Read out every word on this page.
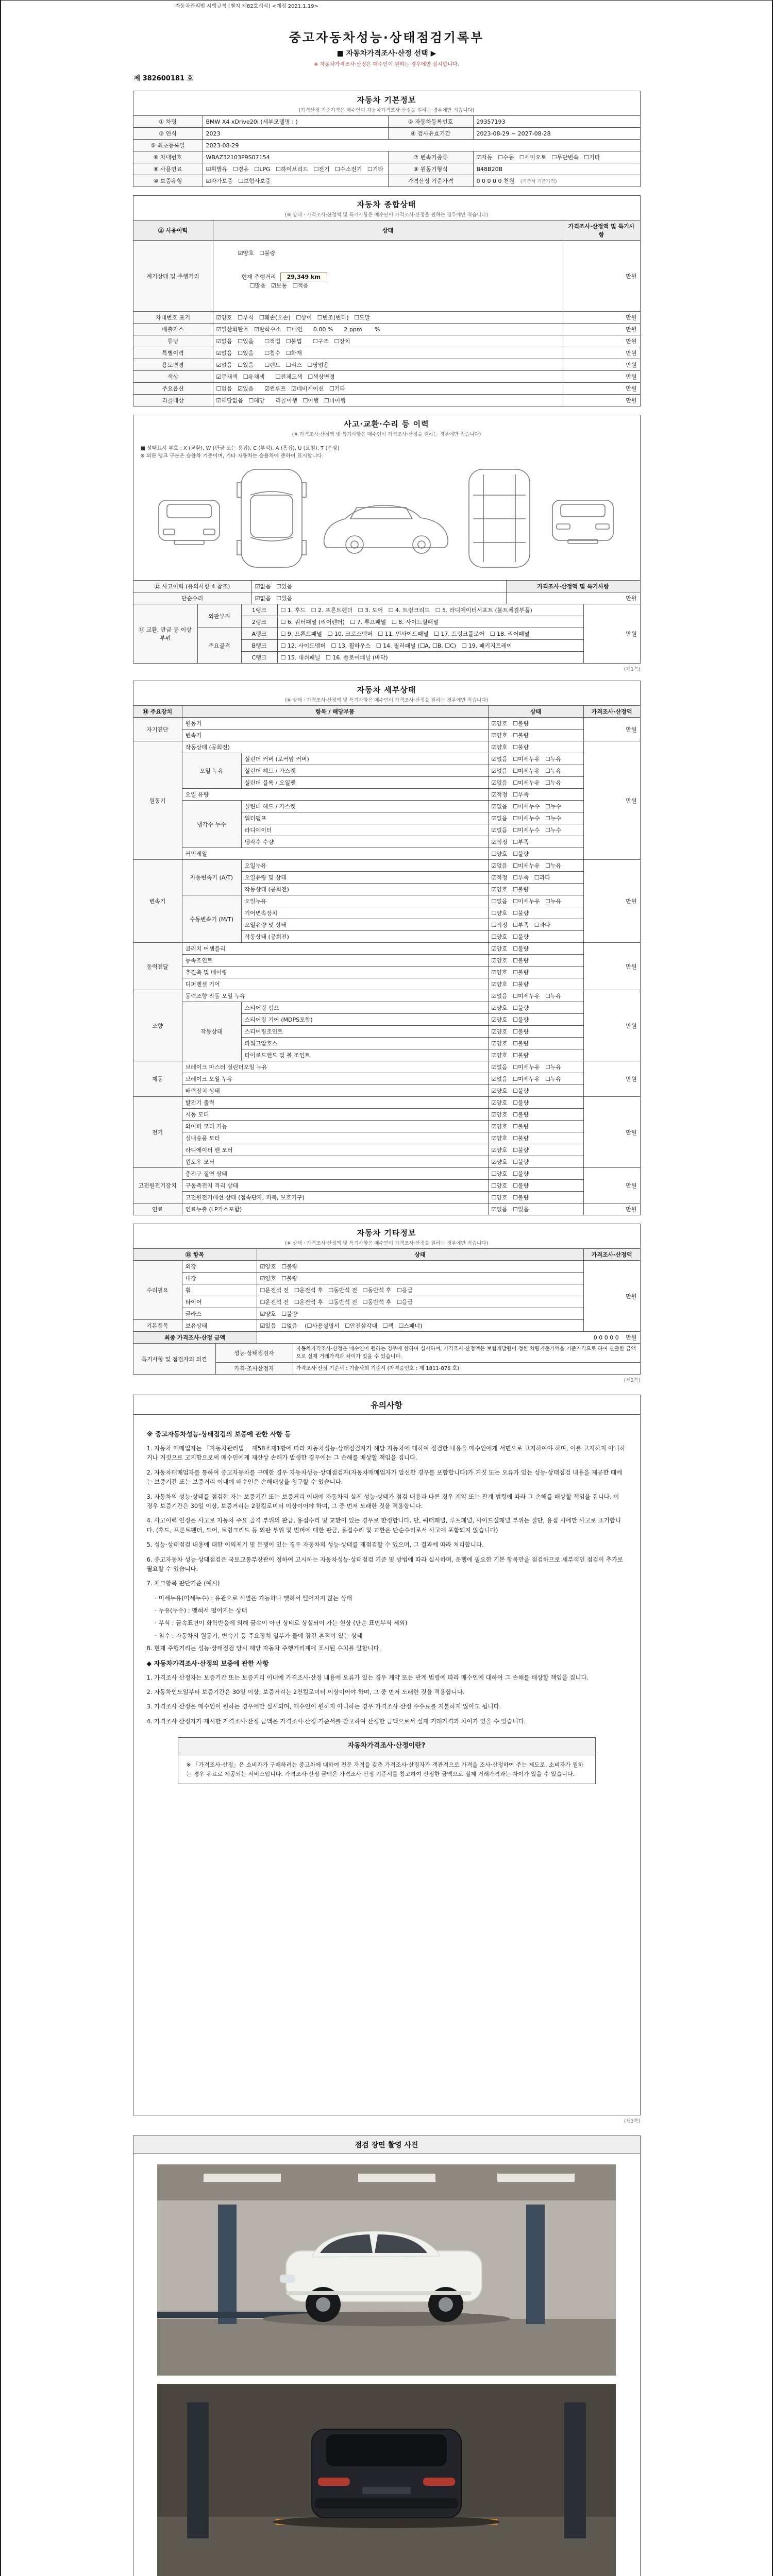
자동차관리법 시행규칙 [별지 제82호서식] <개정 2021.1.19>
중고자동차성능·상태점검기록부
■ 자동차가격조사·산정 선택 ▶
※ 자동차가격조사·산정은 매수인이 원하는 경우에만 실시합니다.
제 382600181 호
자동차 기본정보
(가격산정 기준가격은 매수인이 자동차가격조사·산정을 원하는 경우에만 적습니다)
① 차명	BMW X4 xDrive20i (세부모델명 : )	② 자동차등록번호	29357193
③ 연식	2023	④ 검사유효기간	2023-08-29 ~ 2027-08-28
⑤ 최초등록일	2023-08-29		
⑥ 차대번호	WBAZ32103P9S07154	⑦ 변속기종류	☑자동   ☐수동   ☐세미오토   ☐무단변속   ☐기타
⑧ 사용연료	☑휘발유   ☐경유   ☐LPG   ☐하이브리드   ☐전기   ☐수소전기   ☐기타	⑨ 원동기형식	B48B20B
⑩ 보증유형	☑자가보증   ☐보험사보증	가격산정 기준가격	0 0 0 0 0 천원 (기준서 기준가격)
자동차 종합상태
(※ 상태 · 가격조사·산정액 및 특기사항은 매수인이 가격조사·산정을 원하는 경우에만 적습니다)
⑪ 사용이력	상태	가격조사·산정액 및 특기사항
계기상태 및 주행거리	☑양호   ☐불량

현재 주행거리 29,349 km
☐많음   ☑보통   ☐적음	만원
차대번호 표기	☑양호   ☐부식   ☐훼손(오손)   ☐상이   ☐변조(변타)   ☐도말	만원
배출가스	☑일산화탄소   ☑탄화수소   ☐매연      0.00 %      2 ppm       %	만원
튜닝	☑없음   ☐있음      ☐적법   ☐불법      ☐구조   ☐장치	만원
특별이력	☑없음   ☐있음      ☐침수   ☐화재	만원
용도변경	☑없음   ☐있음      ☐렌트   ☐리스   ☐영업용	만원
색상	☑무채색   ☐유채색      ☐전체도색   ☐색상변경	만원
주요옵션	☐없음   ☑있음      ☑썬루프   ☑네비게이션   ☐기타	만원
리콜대상	☑해당없음   ☐해당      리콜이행   ☐이행   ☐미이행	만원
사고·교환·수리 등 이력
(※ 가격조사·산정액 및 특기사항은 매수인이 가격조사·산정을 원하는 경우에만 적습니다)
■ 상태표시 부호 : X (교환), W (판금 또는 용접), C (부식), A (흠집), U (요철), T (손상)
※ 외판 랭크 구분은 승용차 기준이며, 기타 자동차는 승용차에 준하여 표시합니다.
⑫ 사고이력 (유의사항 4 참조)	☑없음   ☐있음	가격조사·산정액 및 특기사항
단순수리	☑없음   ☐있음	만원
⑬ 교환, 판금 등 이상 부위	외판부위	1랭크	☐ 1. 후드   ☐ 2. 프론트펜더   ☐ 3. 도어   ☐ 4. 트렁크리드   ☐ 5. 라디에이터서포트 (볼트체결부품)	만원
		2랭크	☐ 6. 쿼터패널 (리어펜더)   ☐ 7. 루프패널   ☐ 8. 사이드실패널	
	주요골격	A랭크	☐ 9. 프론트패널   ☐ 10. 크로스멤버   ☐ 11. 인사이드패널   ☐ 17. 트렁크플로어   ☐ 18. 리어패널	
		B랭크	☐ 12. 사이드멤버   ☐ 13. 휠하우스   ☐ 14. 필러패널 (☐A, ☐B, ☐C)   ☐ 19. 패키지트레이	
		C랭크	☐ 15. 대쉬패널   ☐ 16. 플로어패널 (바닥)	
(제1쪽)
자동차 세부상태
(※ 상태 · 가격조사·산정액 및 특기사항은 매수인이 가격조사·산정을 원하는 경우에만 적습니다)
⑭ 주요장치	항목 / 해당부품		상태	가격조사·산정액
자기진단	원동기		☑양호   ☐불량	만원
	변속기		☑양호   ☐불량	
원동기	작동상태 (공회전)		☑양호   ☐불량	만원
	오일 누유	실린더 커버 (로커암 커버)	☑없음   ☐미세누유   ☐누유	
		실린더 헤드 / 가스켓	☑없음   ☐미세누유   ☐누유	
		실린더 블록 / 오일팬	☑없음   ☐미세누유   ☐누유	
	오일 유량		☑적정   ☐부족	
	냉각수 누수	실린더 헤드 / 가스켓	☑없음   ☐미세누수   ☐누수	
		워터펌프	☑없음   ☐미세누수   ☐누수	
		라디에이터	☑없음   ☐미세누수   ☐누수	
		냉각수 수량	☑적정   ☐부족	
	커먼레일		☐양호   ☐불량	
변속기	자동변속기 (A/T)	오일누유	☑없음   ☐미세누유   ☐누유	만원
		오일유량 및 상태	☑적정   ☐부족   ☐과다	
		작동상태 (공회전)	☑양호   ☐불량	
	수동변속기 (M/T)	오일누유	☐없음   ☐미세누유   ☐누유	
		기어변속장치	☐양호   ☐불량	
		오일유량 및 상태	☐적정   ☐부족   ☐과다	
		작동상태 (공회전)	☐양호   ☐불량	
동력전달	클러치 어셈블리		☑양호   ☐불량	만원
	등속조인트		☑양호   ☐불량	
	추진축 및 베어링		☑양호   ☐불량	
	디퍼렌셜 기어		☑양호   ☐불량	
조향	동력조향 작동 오일 누유		☑없음   ☐미세누유   ☐누유	만원
	작동상태	스티어링 펌프	☑양호   ☐불량	
		스티어링 기어 (MDPS포함)	☑양호   ☐불량	
		스티어링조인트	☑양호   ☐불량	
		파워고압호스	☑양호   ☐불량	
		타이로드엔드 및 볼 조인트	☑양호   ☐불량	
제동	브레이크 마스터 실린더오일 누유		☑없음   ☐미세누유   ☐누유	만원
	브레이크 오일 누유		☑없음   ☐미세누유   ☐누유	
	배력장치 상태		☑양호   ☐불량	
전기	발전기 출력		☑양호   ☐불량	만원
	시동 모터		☑양호   ☐불량	
	와이퍼 모터 기능		☑양호   ☐불량	
	실내송풍 모터		☑양호   ☐불량	
	라디에이터 팬 모터		☑양호   ☐불량	
	윈도우 모터		☑양호   ☐불량	
고전원전기장치	충전구 절연 상태		☐양호   ☐불량	만원
	구동축전지 격리 상태		☐양호   ☐불량	
	고전원전기배선 상태 (접속단자, 피복, 보호기구)		☐양호   ☐불량	
연료	연료누출 (LP가스포함)		☑없음   ☐있음	만원
자동차 기타정보
(※ 상태 · 가격조사·산정액 및 특기사항은 매수인이 가격조사·산정을 원하는 경우에만 적습니다)
⑮ 항목		상태	가격조사·산정액
수리필요	외장	☑양호   ☐불량	만원
	내장	☑양호   ☐불량	
	휠	☐운전석 전   ☐운전석 후   ☐동반석 전   ☐동반석 후   ☐응급	
	타이어	☐운전석 전   ☐운전석 후   ☐동반석 전   ☐동반석 후   ☐응급	
	글라스	☑양호   ☐불량	
기본품목	보유상태	☑있음   ☐없음    (☐사용설명서   ☐안전삼각대   ☐잭   ☐스패너)	
최종 가격조사·산정 금액	0 0 0 0 0 만원
특기사항 및 점검자의 의견	성능·상태점검자	자동차가격조사·산정은 매수인이 원하는 경우에 한하여 실시하며, 가격조사·산정액은 보험개발원이 정한 차량기준가액을 기준가격으로 하여 산출한 금액으로 실제 거래가격과 차이가 있을 수 있습니다.
	가격·조사산정자	가격조사·산정 기준서 : 기술사회 기준서 (자격증번호 : 제 1811-876 호)
(제2쪽)
유의사항
※ 중고자동차성능·상태점검의 보증에 관한 사항 등

1. 자동차 매매업자는 「자동차관리법」 제58조제1항에 따라 자동차성능·상태점검자가 해당 자동차에 대하여 점검한 내용을 매수인에게 서면으로 고지하여야 하며, 이를 고지하지 아니하거나 거짓으로 고지함으로써 매수인에게 재산상 손해가 발생한 경우에는 그 손해를 배상할 책임을 집니다.

2. 자동차매매업자를 통하여 중고자동차를 구매한 경우 자동차성능·상태점검자(자동차매매업자가 알선한 경우를 포함합니다)가 거짓 또는 오류가 있는 성능·상태점검 내용을 제공한 때에는 보증기간 또는 보증거리 이내에 매수인은 손해배상을 청구할 수 있습니다.

3. 자동차의 성능·상태를 점검한 자는 보증기간 또는 보증거리 이내에 자동차의 실제 성능·상태가 점검 내용과 다른 경우 계약 또는 관계 법령에 따라 그 손해를 배상할 책임을 집니다. 이 경우 보증기간은 30일 이상, 보증거리는 2천킬로미터 이상이어야 하며, 그 중 먼저 도래한 것을 적용합니다.

4. 사고이력 인정은 사고로 자동차 주요 골격 부위의 판금, 용접수리 및 교환이 있는 경우로 한정합니다. 단, 쿼터패널, 루프패널, 사이드실패널 부위는 절단, 용접 시에만 사고로 표기합니다. (후드, 프론트펜더, 도어, 트렁크리드 등 외판 부위 및 범퍼에 대한 판금, 용접수리 및 교환은 단순수리로서 사고에 포함되지 않습니다)

5. 성능·상태점검 내용에 대한 이의제기 및 분쟁이 있는 경우 자동차의 성능·상태를 재점검할 수 있으며, 그 결과에 따라 처리합니다.

6. 중고자동차 성능·상태점검은 국토교통부장관이 정하여 고시하는 자동차성능·상태점검 기준 및 방법에 따라 실시하며, 운행에 필요한 기본 항목만을 점검하므로 세부적인 점검이 추가로 필요할 수 있습니다.

7. 체크항목 판단기준 (예시)

· 미세누유(미세누수) : 유관으로 식별은 가능하나 맺혀서 떨어지지 않는 상태

· 누유(누수) : 맺혀서 떨어지는 상태

· 부식 : 금속표면이 화학반응에 의해 금속이 아닌 상태로 상실되어 가는 현상 (단순 표면부식 제외)

· 침수 : 자동차의 원동기, 변속기 등 주요장치 일부가 물에 잠긴 흔적이 있는 상태

8. 현재 주행거리는 성능·상태점검 당시 해당 자동차 주행거리계에 표시된 수치를 말합니다.

◆ 자동차가격조사·산정의 보증에 관한 사항

1. 가격조사·산정자는 보증기간 또는 보증거리 이내에 가격조사·산정 내용에 오류가 있는 경우 계약 또는 관계 법령에 따라 매수인에 대하여 그 손해를 배상할 책임을 집니다.

2. 자동차인도일부터 보증기간은 30일 이상, 보증거리는 2천킬로미터 이상이어야 하며, 그 중 먼저 도래한 것을 적용합니다.

3. 가격조사·산정은 매수인이 원하는 경우에만 실시되며, 매수인이 원하지 아니하는 경우 가격조사·산정 수수료를 지불하지 않아도 됩니다.

4. 가격조사·산정자가 제시한 가격조사·산정 금액은 가격조사·산정 기준서를 참고하여 산정한 금액으로서 실제 거래가격과 차이가 있을 수 있습니다.

자동차가격조사·산정이란?
※ 「가격조사·산정」은 소비자가 구매하려는 중고차에 대하여 전문 자격을 갖춘 가격조사·산정자가 객관적으로 가격을 조사·산정하여 주는 제도로, 소비자가 원하는 경우 유료로 제공되는 서비스입니다. 가격조사·산정 금액은 가격조사·산정 기준서를 참고하여 산정한 금액으로 실제 거래가격과는 차이가 있을 수 있습니다.
(제3쪽)
점검 장면 촬영 사진
